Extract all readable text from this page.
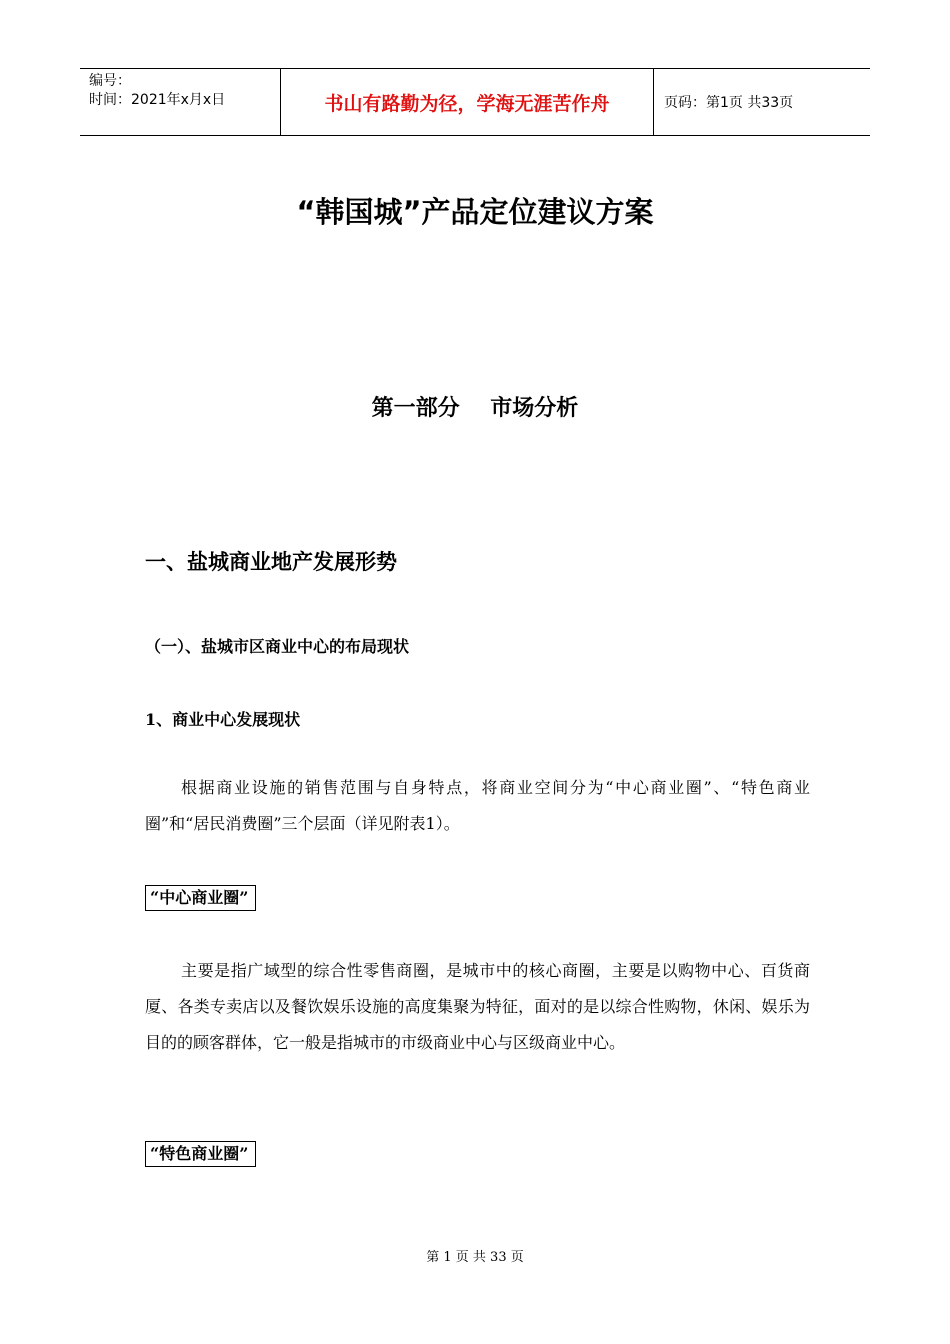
编号：
时间：2021年x月x日	书山有路勤为径，学海无涯苦作舟	页码：第1页 共33页
“韩国城”产品定位建议方案
第一部分    市场分析
一、盐城商业地产发展形势
（一）、盐城市区商业中心的布局现状
1、商业中心发展现状
根据商业设施的销售范围与自身特点，将商业空间分为“中心商业圈”、“特色商业圈”和“居民消费圈”三个层面（详见附表1）。
“中心商业圈”
主要是指广域型的综合性零售商圈，是城市中的核心商圈，主要是以购物中心、百货商厦、各类专卖店以及餐饮娱乐设施的高度集聚为特征，面对的是以综合性购物，休闲、娱乐为目的的顾客群体，它一般是指城市的市级商业中心与区级商业中心。
“特色商业圈”
第 1 页 共 33 页
